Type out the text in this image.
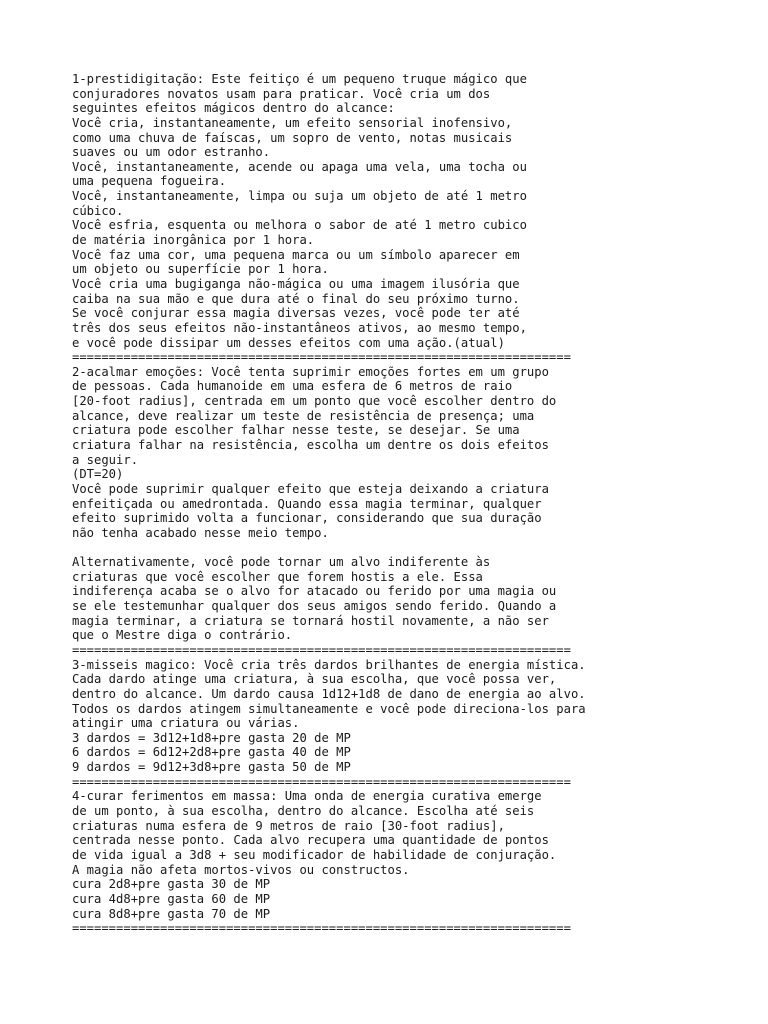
1-prestidigitação: Este feitiço é um pequeno truque mágico que
conjuradores novatos usam para praticar. Você cria um dos
seguintes efeitos mágicos dentro do alcance:
Você cria, instantaneamente, um efeito sensorial inofensivo,
como uma chuva de faíscas, um sopro de vento, notas musicais
suaves ou um odor estranho.
Você, instantaneamente, acende ou apaga uma vela, uma tocha ou
uma pequena fogueira.
Você, instantaneamente, limpa ou suja um objeto de até 1 metro
cúbico.
Você esfria, esquenta ou melhora o sabor de até 1 metro cubico
de matéria inorgânica por 1 hora.
Você faz uma cor, uma pequena marca ou um símbolo aparecer em
um objeto ou superfície por 1 hora.
Você cria uma bugiganga não-mágica ou uma imagem ilusória que
caiba na sua mão e que dura até o final do seu próximo turno.
Se você conjurar essa magia diversas vezes, você pode ter até
três dos seus efeitos não-instantâneos ativos, ao mesmo tempo,
e você pode dissipar um desses efeitos com uma ação.(atual)
====================================================================
2-acalmar emoções: Você tenta suprimir emoções fortes em um grupo
de pessoas. Cada humanoide em uma esfera de 6 metros de raio
[20-foot radius], centrada em um ponto que você escolher dentro do
alcance, deve realizar um teste de resistência de presença; uma
criatura pode escolher falhar nesse teste, se desejar. Se uma
criatura falhar na resistência, escolha um dentre os dois efeitos
a seguir.
(DT=20)
Você pode suprimir qualquer efeito que esteja deixando a criatura
enfeitiçada ou amedrontada. Quando essa magia terminar, qualquer
efeito suprimido volta a funcionar, considerando que sua duração
não tenha acabado nesse meio tempo.
Alternativamente, você pode tornar um alvo indiferente às
criaturas que você escolher que forem hostis a ele. Essa
indiferença acaba se o alvo for atacado ou ferido por uma magia ou
se ele testemunhar qualquer dos seus amigos sendo ferido. Quando a
magia terminar, a criatura se tornará hostil novamente, a não ser
que o Mestre diga o contrário.
====================================================================
3-misseis magico: Você cria três dardos brilhantes de energia mística.
Cada dardo atinge uma criatura, à sua escolha, que você possa ver,
dentro do alcance. Um dardo causa 1d12+1d8 de dano de energia ao alvo.
Todos os dardos atingem simultaneamente e você pode direciona-los para
atingir uma criatura ou várias.
3 dardos = 3d12+1d8+pre gasta 20 de MP
6 dardos = 6d12+2d8+pre gasta 40 de MP
9 dardos = 9d12+3d8+pre gasta 50 de MP
====================================================================
4-curar ferimentos em massa: Uma onda de energia curativa emerge
de um ponto, à sua escolha, dentro do alcance. Escolha até seis
criaturas numa esfera de 9 metros de raio [30-foot radius],
centrada nesse ponto. Cada alvo recupera uma quantidade de pontos
de vida igual a 3d8 + seu modificador de habilidade de conjuração.
A magia não afeta mortos-vivos ou constructos.
cura 2d8+pre gasta 30 de MP
cura 4d8+pre gasta 60 de MP
cura 8d8+pre gasta 70 de MP
====================================================================
